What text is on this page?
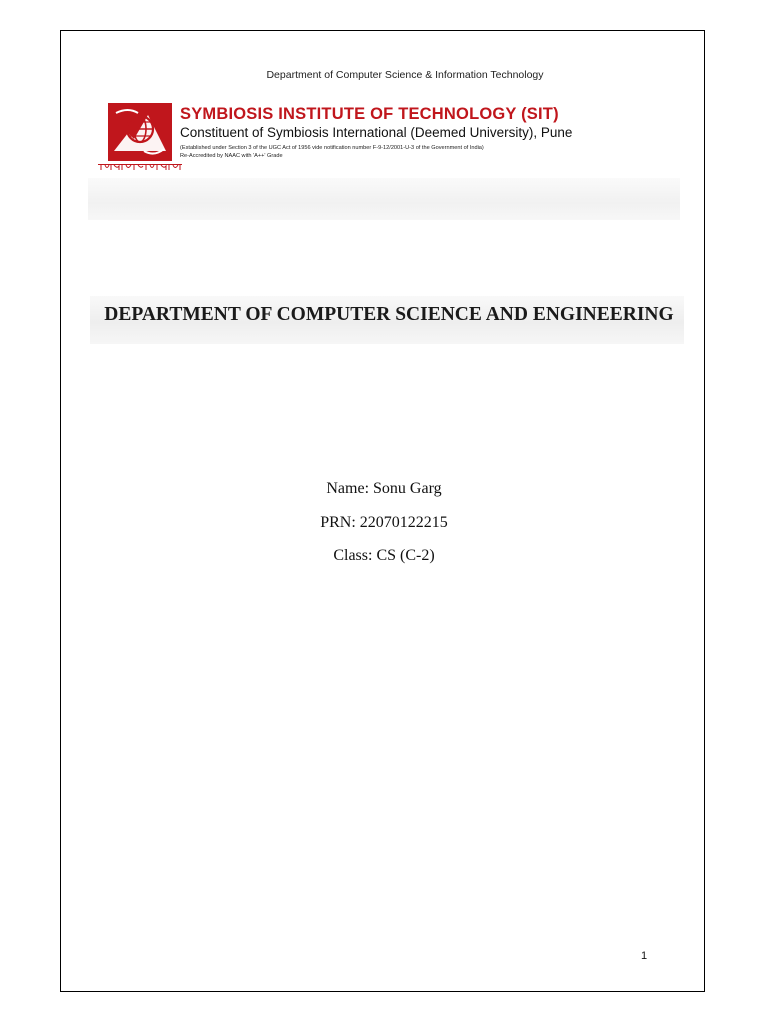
Department of Computer Science & Information Technology
SYMBIOSIS INSTITUTE OF TECHNOLOGY (SIT)
Constituent of Symbiosis International (Deemed University), Pune
(Established under Section 3 of the UGC Act of 1956 vide notification number F-9-12/2001-U-3 of the Government of India)
Re-Accredited by NAAC with 'A++' Grade
DEPARTMENT OF COMPUTER SCIENCE AND ENGINEERING
Name: Sonu Garg
PRN: 22070122215
Class: CS (C-2)
1
